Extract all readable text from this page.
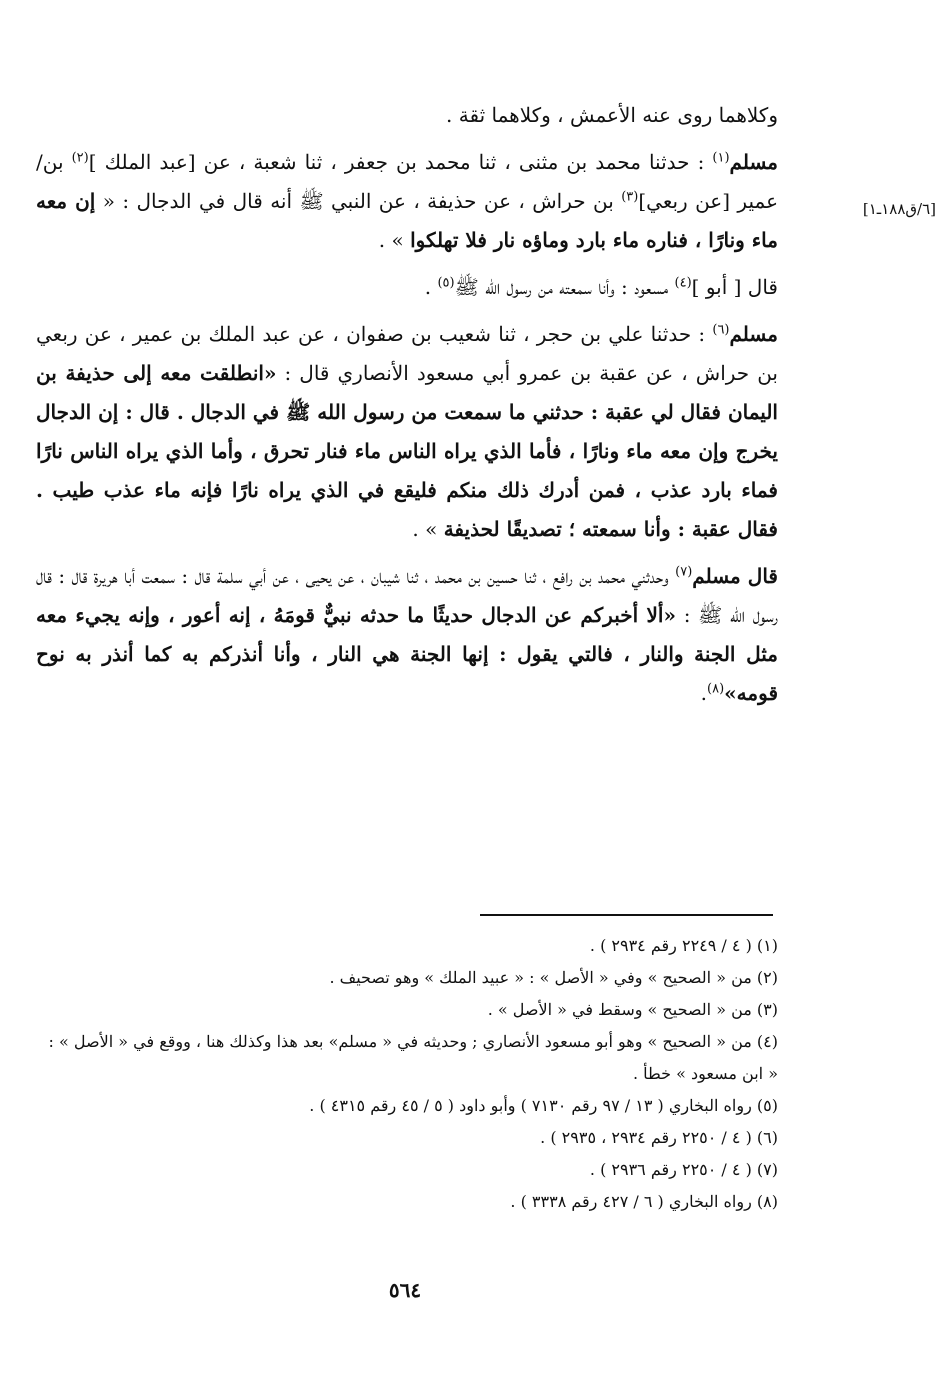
[٦/ق١٨٨ـ١]

وكلاهما روى عنه الأعمش ، وكلاهما ثقة .

مسلم$^{(١)}$ : حدثنا محمد بن مثنى ، ثنا محمد بن جعفر ، ثنا شعبة ، عن [عبد الملك ]$^{(٢)}$ بن/عمير [عن ربعي]$^{(٣)}$ بن حراش ، عن حذيفة ، عن النبي ﷺ أنه قال في الدجال : « إن معه ماء ونارًا ، فناره ماء بارد وماؤه نار فلا تهلكوا » .

قال [ أبو ]$^{(٤)}$ مسعود : وأنا سمعته من رسول الله ﷺ$^{(٥)}$ .

مسلم$^{(٦)}$ : حدثنا علي بن حجر ، ثنا شعيب بن صفوان ، عن عبد الملك بن عمير ، عن ربعي بن حراش ، عن عقبة بن عمرو أبي مسعود الأنصاري قال : «انطلقت معه إلى حذيفة بن اليمان فقال لي عقبة : حدثني ما سمعت من رسول الله ﷺ في الدجال . قال : إن الدجال يخرج وإن معه ماء ونارًا ، فأما الذي يراه الناس ماء فنار تحرق ، وأما الذي يراه الناس نارًا فماء بارد عذب ، فمن أدرك ذلك منكم فليقع في الذي يراه نارًا فإنه ماء عذب طيب . فقال عقبة : وأنا سمعته ؛ تصديقًا لحذيفة » .

قال مسلم$^{(٧)}$ وحدثني محمد بن رافع ، ثنا حسين بن محمد ، ثنا شيبان ، عن يحيى ، عن أبي سلمة قال : سمعت أبا هريرة قال : قال رسول الله ﷺ : «ألا أخبركم عن الدجال حديثًا ما حدثه نبيٌّ قومَهُ ، إنه أعور ، وإنه يجيء معه مثل الجنة والنار ، فالتي يقول : إنها الجنة هي النار ، وأنا أنذركم به كما أنذر به نوح قومه»$^{(٨)}$.

(١) ( ٤ / ٢٢٤٩ رقم ٢٩٣٤ ) .

(٢) من « الصحيح » وفي « الأصل » : « عبيد الملك » وهو تصحيف .

(٣) من « الصحيح » وسقط في « الأصل » .

(٤) من « الصحيح » وهو أبو مسعود الأنصاري ; وحديثه في « مسلم» بعد هذا وكذلك هنا ، ووقع في « الأصل » : « ابن مسعود » خطأ .

(٥) رواه البخاري ( ١٣ / ٩٧ رقم ٧١٣٠ ) وأبو داود ( ٥ / ٤٥ رقم ٤٣١٥ ) .

(٦) ( ٤ / ٢٢٥٠ رقم ٢٩٣٤ ، ٢٩٣٥ ) .

(٧) ( ٤ / ٢٢٥٠ رقم ٢٩٣٦ ) .

(٨) رواه البخاري ( ٦ / ٤٢٧ رقم ٣٣٣٨ ) .

٥٦٤
